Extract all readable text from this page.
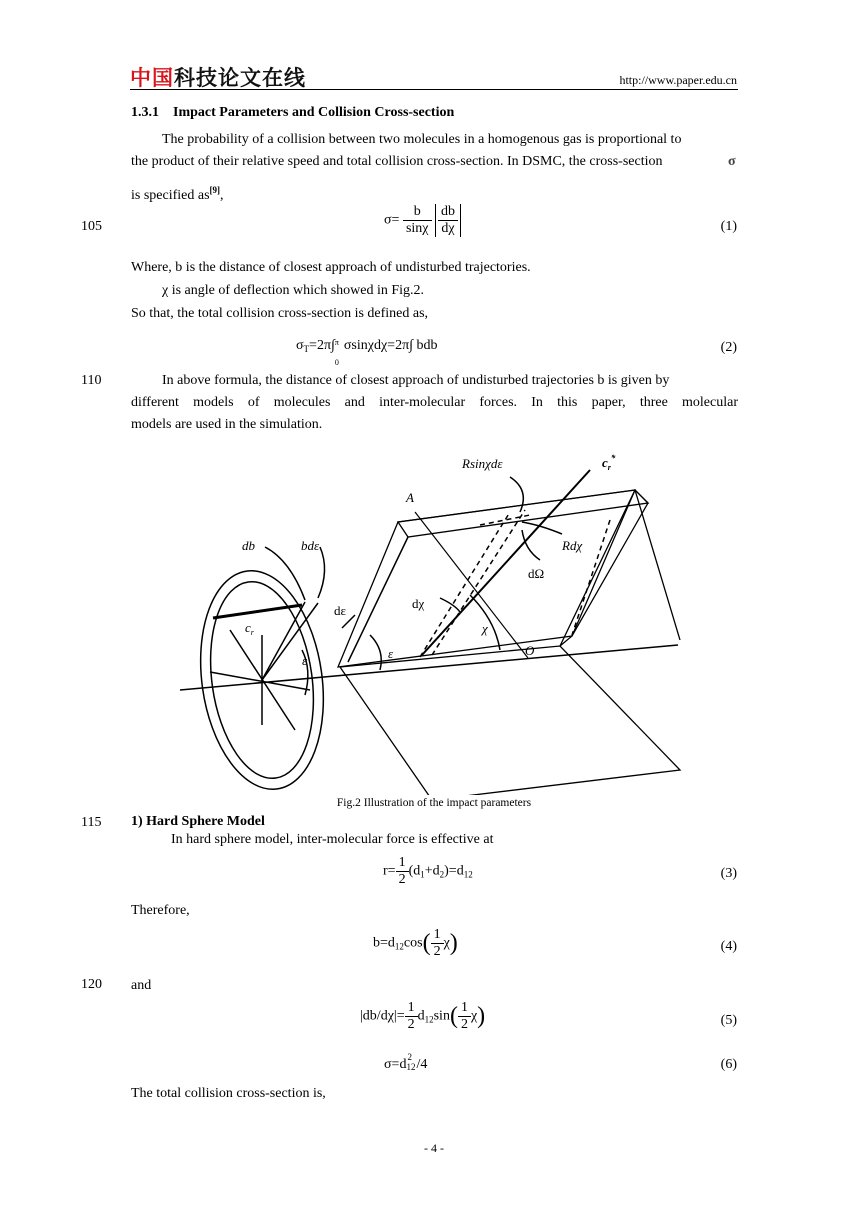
中国科技论文在线	http://www.paper.edu.cn
1.3.1 Impact Parameters and Collision Cross-section
The probability of a collision between two molecules in a homogenous gas is proportional to
the product of their relative speed and total collision cross-section. In DSMC, the cross-section	σ
is specified as[9],
105	$\sigma= \frac{b}{\sin\chi}$
$\frac{db}{d\chi}$	(1)
Where, b is the distance of closest approach of undisturbed trajectories.
χ is angle of deflection which showed in Fig.2.
So that, the total collision cross-section is defined as,
$\sigma_T=2\pi\int$ π
0
σsinχdχ=2π∫ bdb	(2)
110	In above formula, the distance of closest approach of undisturbed trajectories b is given by
different models of molecules and inter-molecular forces. In this paper, three molecular
models are used in the simulation.
Rsinχdε	$c_r^*$
A
db	bdε	Rdχ
dΩ
dε	dχ
$c_r$	χ
ε	ε	O
Fig.2 Illustration of the impact parameters
115 1) Hard Sphere Model
In hard sphere model, inter-molecular force is effective at
$r= \frac{1}{2} (d_1+d_2)=d_{12}$	(3)
Therefore,
$b=d_{12}\cos( \frac{1}{2} \chi)$	(4)
120 and
$|db/d\chi|= \frac{1}{2} d_{12}\sin( \frac{1}{2} \chi)$	(5)
σ=d 2
12 /4	(6)
The total collision cross-section is,
- 4 -
